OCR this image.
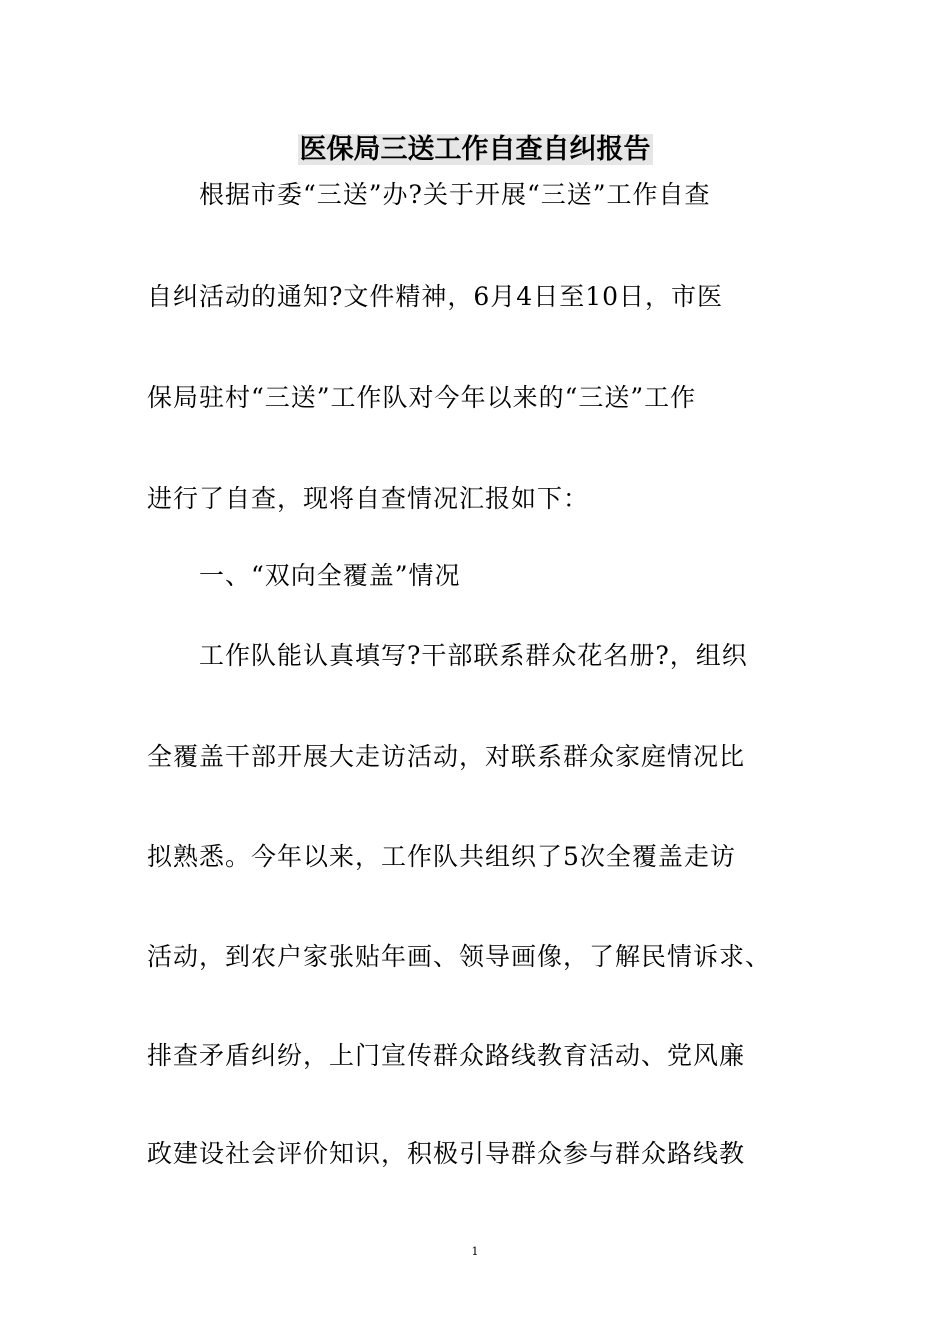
医保局三送工作自查自纠报告
根据市委“三送”办?关于开展“三送”工作自查
自纠活动的通知?文件精神，6月4日至10日，市医
保局驻村“三送”工作队对今年以来的“三送”工作
进行了自查，现将自查情况汇报如下：
一、“双向全覆盖”情况
工作队能认真填写?干部联系群众花名册?，组织
全覆盖干部开展大走访活动，对联系群众家庭情况比
拟熟悉。今年以来，工作队共组织了5次全覆盖走访
活动，到农户家张贴年画、领导画像，了解民情诉求、
排查矛盾纠纷，上门宣传群众路线教育活动、党风廉
政建设社会评价知识，积极引导群众参与群众路线教
1
